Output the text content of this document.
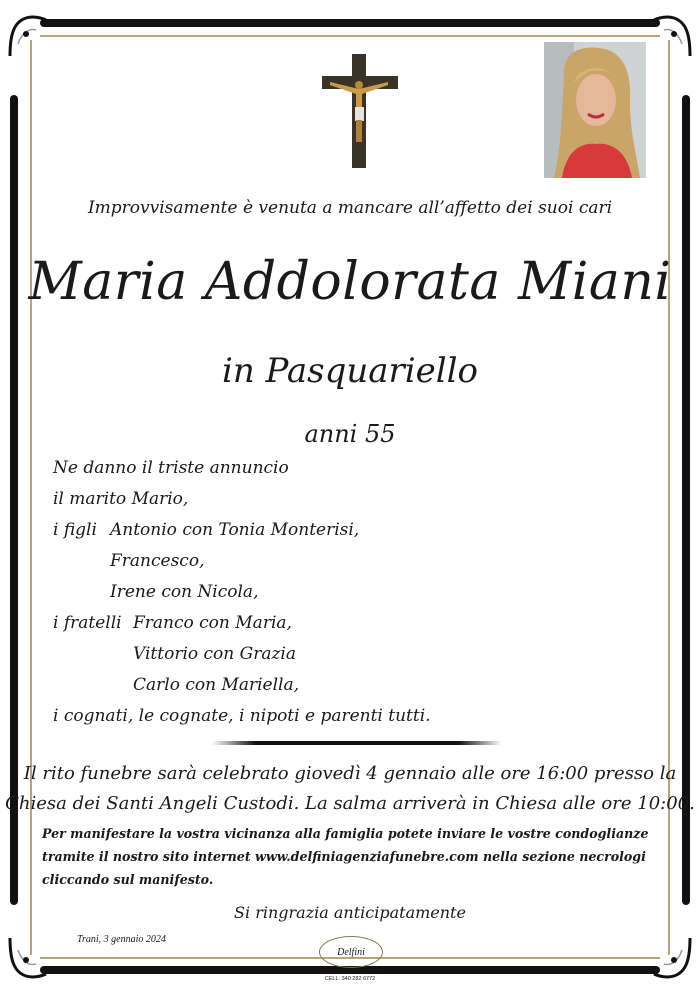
Improvvisamente è venuta a mancare all’affetto dei suoi cari
Maria Addolorata Miani
in Pasquariello
anni 55
Ne danno il triste annuncio
il marito Mario,
i figli Antonio con Tonia Monterisi,
Francesco,
Irene con Nicola,
i fratelli Franco con Maria,
Vittorio con Grazia
Carlo con Mariella,
i cognati, le cognate, i nipoti e parenti tutti.
Il rito funebre sarà celebrato giovedì 4 gennaio alle ore 16:00 presso la
Chiesa dei Santi Angeli Custodi. La salma arriverà in Chiesa alle ore 10:00.
Per manifestare la vostra vicinanza alla famiglia potete inviare le vostre condoglianze
tramite il nostro sito internet www.delfiniagenziafunebre.com nella sezione necrologi
cliccando sul manifesto.
Si ringrazia anticipatamente
Trani, 3 gennaio 2024
Delfini
AGENZIA 0883 481 608
CELL. 340 282 6772
